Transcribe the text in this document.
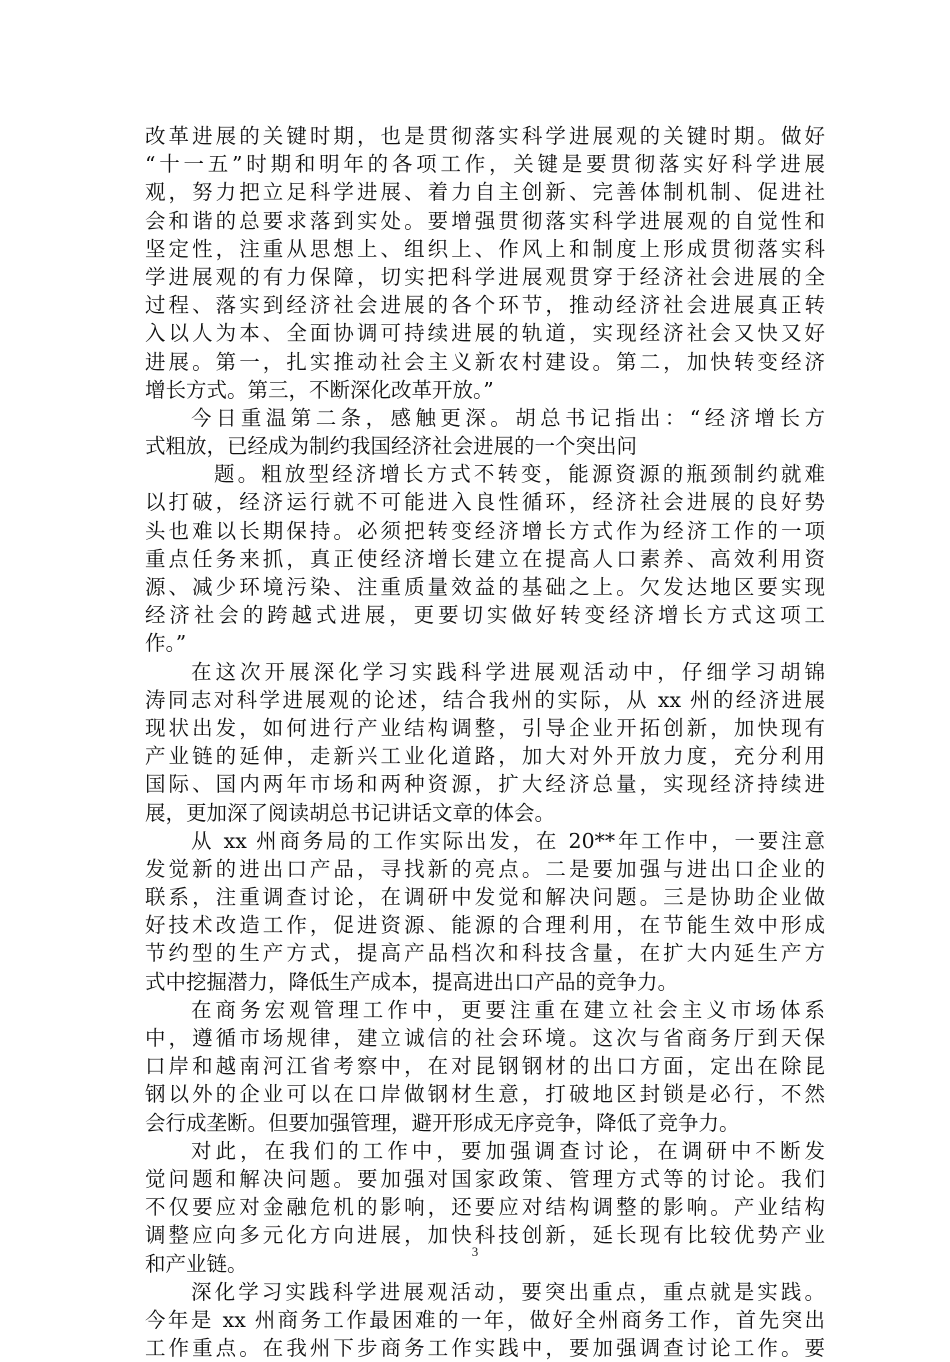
改革进展的关键时期，也是贯彻落实科学进展观的关键时期。做好
“十一五”时期和明年的各项工作，关键是要贯彻落实好科学进展
观，努力把立足科学进展、着力自主创新、完善体制机制、促进社
会和谐的总要求落到实处。要增强贯彻落实科学进展观的自觉性和
坚定性，注重从思想上、组织上、作风上和制度上形成贯彻落实科
学进展观的有力保障，切实把科学进展观贯穿于经济社会进展的全
过程、落实到经济社会进展的各个环节，推动经济社会进展真正转
入以人为本、全面协调可持续进展的轨道，实现经济社会又快又好
进展。第一，扎实推动社会主义新农村建设。第二，加快转变经济
增长方式。第三，不断深化改革开放。”
今日重温第二条，感触更深。胡总书记指出：“经济增长方
式粗放，已经成为制约我国经济社会进展的一个突出问
题。粗放型经济增长方式不转变，能源资源的瓶颈制约就难
以打破，经济运行就不可能进入良性循环，经济社会进展的良好势
头也难以长期保持。必须把转变经济增长方式作为经济工作的一项
重点任务来抓，真正使经济增长建立在提高人口素养、高效利用资
源、减少环境污染、注重质量效益的基础之上。欠发达地区要实现
经济社会的跨越式进展，更要切实做好转变经济增长方式这项工
作。”
在这次开展深化学习实践科学进展观活动中，仔细学习胡锦
涛同志对科学进展观的论述，结合我州的实际，从 xx 州的经济进展
现状出发，如何进行产业结构调整，引导企业开拓创新，加快现有
产业链的延伸，走新兴工业化道路，加大对外开放力度，充分利用
国际、国内两年市场和两种资源，扩大经济总量，实现经济持续进
展，更加深了阅读胡总书记讲话文章的体会。
从 xx 州商务局的工作实际出发，在 20**年工作中，一要注意
发觉新的进出口产品，寻找新的亮点。二是要加强与进出口企业的
联系，注重调查讨论，在调研中发觉和解决问题。三是协助企业做
好技术改造工作，促进资源、能源的合理利用，在节能生效中形成
节约型的生产方式，提高产品档次和科技含量，在扩大内延生产方
式中挖掘潜力，降低生产成本，提高进出口产品的竞争力。
在商务宏观管理工作中，更要注重在建立社会主义市场体系
中，遵循市场规律，建立诚信的社会环境。这次与省商务厅到天保
口岸和越南河江省考察中，在对昆钢钢材的出口方面，定出在除昆
钢以外的企业可以在口岸做钢材生意，打破地区封锁是必行，不然
会行成垄断。但要加强管理，避开形成无序竞争，降低了竞争力。
对此，在我们的工作中，要加强调查讨论，在调研中不断发
觉问题和解决问题。要加强对国家政策、管理方式等的讨论。我们
不仅要应对金融危机的影响，还要应对结构调整的影响。产业结构
调整应向多元化方向进展，加快科技创新，延长现有比较优势产业
和产业链。
深化学习实践科学进展观活动，要突出重点，重点就是实践。
今年是 xx 州商务工作最困难的一年，做好全州商务工作，首先突出
工作重点。在我州下步商务工作实践中，要加强调查讨论工作。要
3
